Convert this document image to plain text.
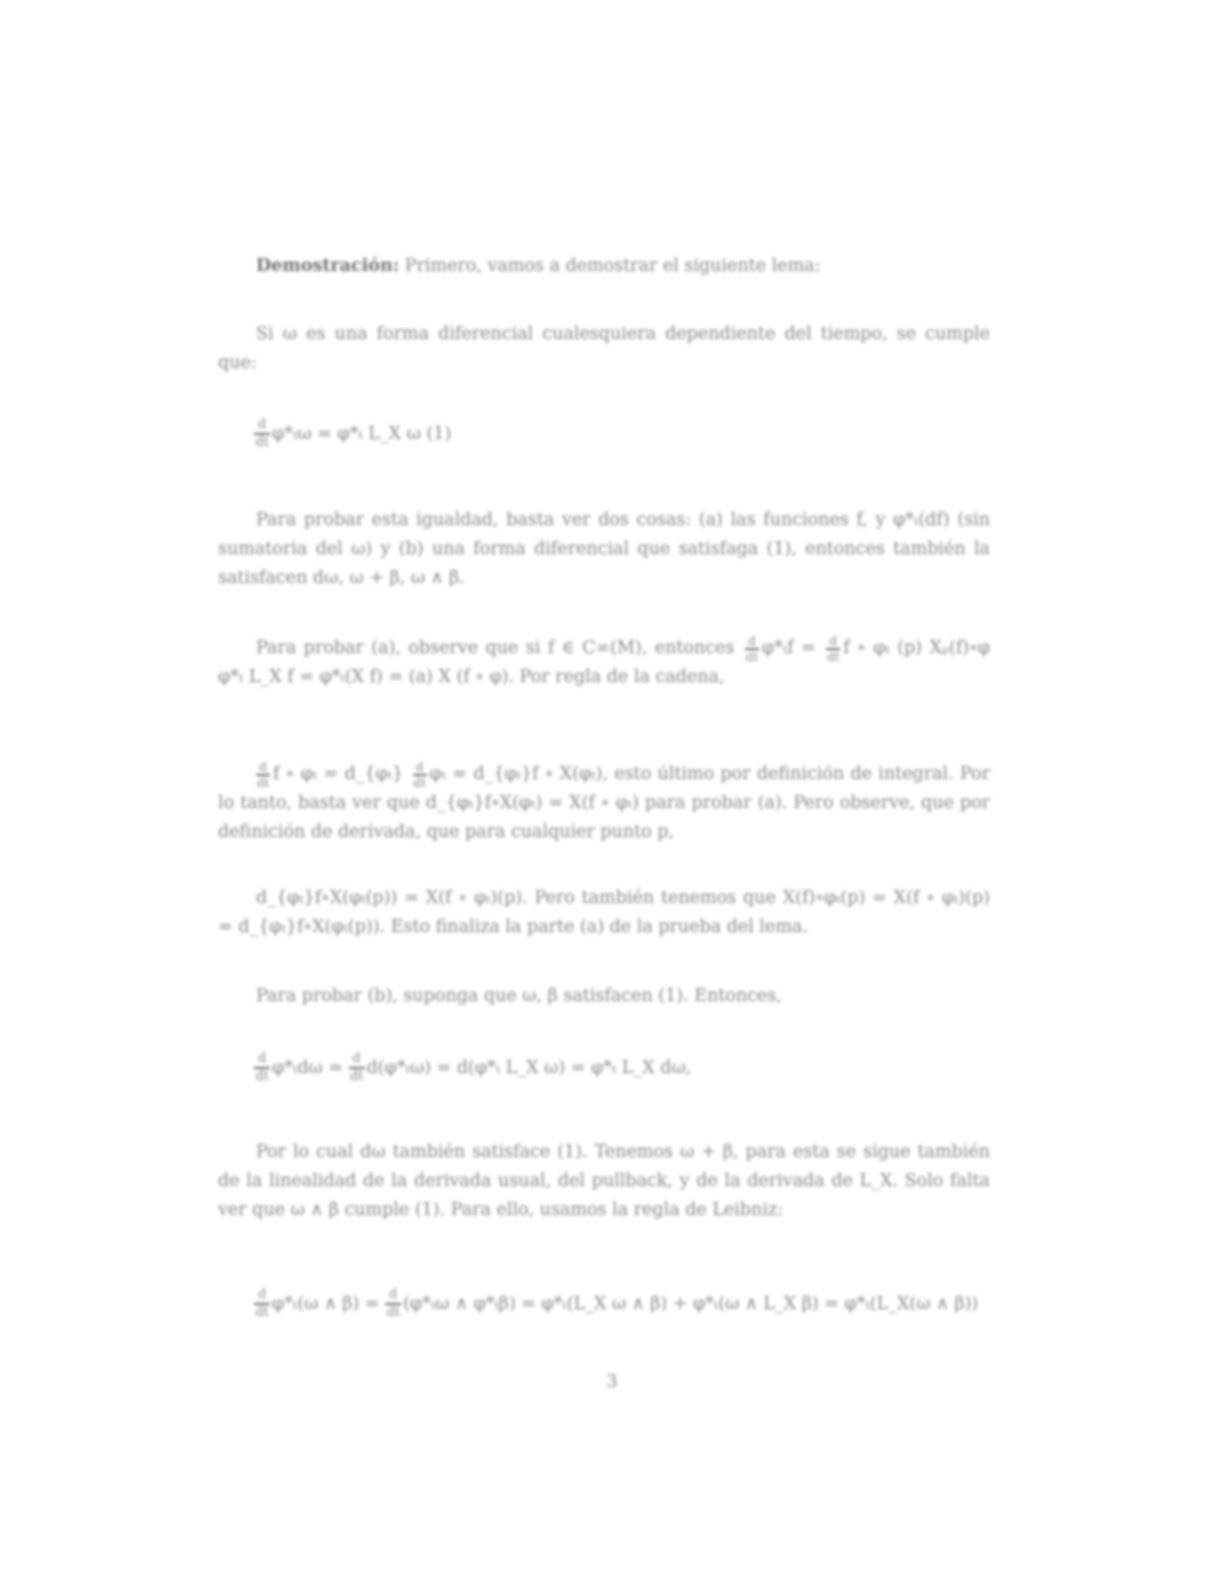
Demostración: Primero, vamos a demostrar el siguiente lema:
Si ω es una forma diferencial cualesquiera dependiente del tiempo, se cumple que:
$\frac{d}{dt} \varphi*_t\omega = \varphi*_t$ L_X ω (1)
Para probar esta igualdad, basta ver dos cosas: (a) las funciones f, y φ*ₜ(df) (sin sumatoria del ω) y (b) una forma diferencial que satisfaga (1), entonces también la satisfacen dω, ω + β, ω ∧ β.
Para probar (a), observe que si f ∈ C∞(M), entonces $\frac{d}{dt} \varphi*_tf = \frac{d}{dt}$ f ∘ φₜ (p) Xₚ(f)∘φ φ*ₜ L_X f = φ*ₜ(X f) = (a) X (f ∘ φ). Por regla de la cadena,
$\frac{d}{dt}$ f ∘ φₜ = d_{φₜ} $\frac{d}{dt}$ φₜ = d_{φₜ}f ∘ X(φₜ), esto último por definición de integral. Por lo tanto, basta ver que d_{φₜ}f∘X(φₜ) = X(f ∘ φₜ) para probar (a). Pero observe, que por definición de derivada, que para cualquier punto p,
d_{φₜ}f∘X(φₜ(p)) = X(f ∘ φₜ)(p). Pero también tenemos que X(f)∘φₜ(p) = X(f ∘ φₜ)(p) = d_{φₜ}f∘X(φₜ(p)). Esto finaliza la parte (a) de la prueba del lema.
Para probar (b), suponga que ω, β satisfacen (1). Entonces,
$\frac{d}{dt} \varphi*_td\omega = \frac{d}{dt} d(\varphi*_t\omega) = d(\varphi*_t$ L_X ω) = φ*ₜ L_X dω,
Por lo cual dω también satisface (1). Tenemos ω + β, para esta se sigue también de la linealidad de la derivada usual, del pullback, y de la derivada de L_X. Solo falta ver que ω ∧ β cumple (1). Para ello, usamos la regla de Leibniz:
$\frac{d}{dt} \varphi*_t(\omega$ ∧ $\beta) = \frac{d}{dt} (\varphi*_t\omega$ ∧ φ*ₜβ) = φ*ₜ(L_X ω ∧ β) + φ*ₜ(ω ∧ L_X β) = φ*ₜ(L_X(ω ∧ β))
3
